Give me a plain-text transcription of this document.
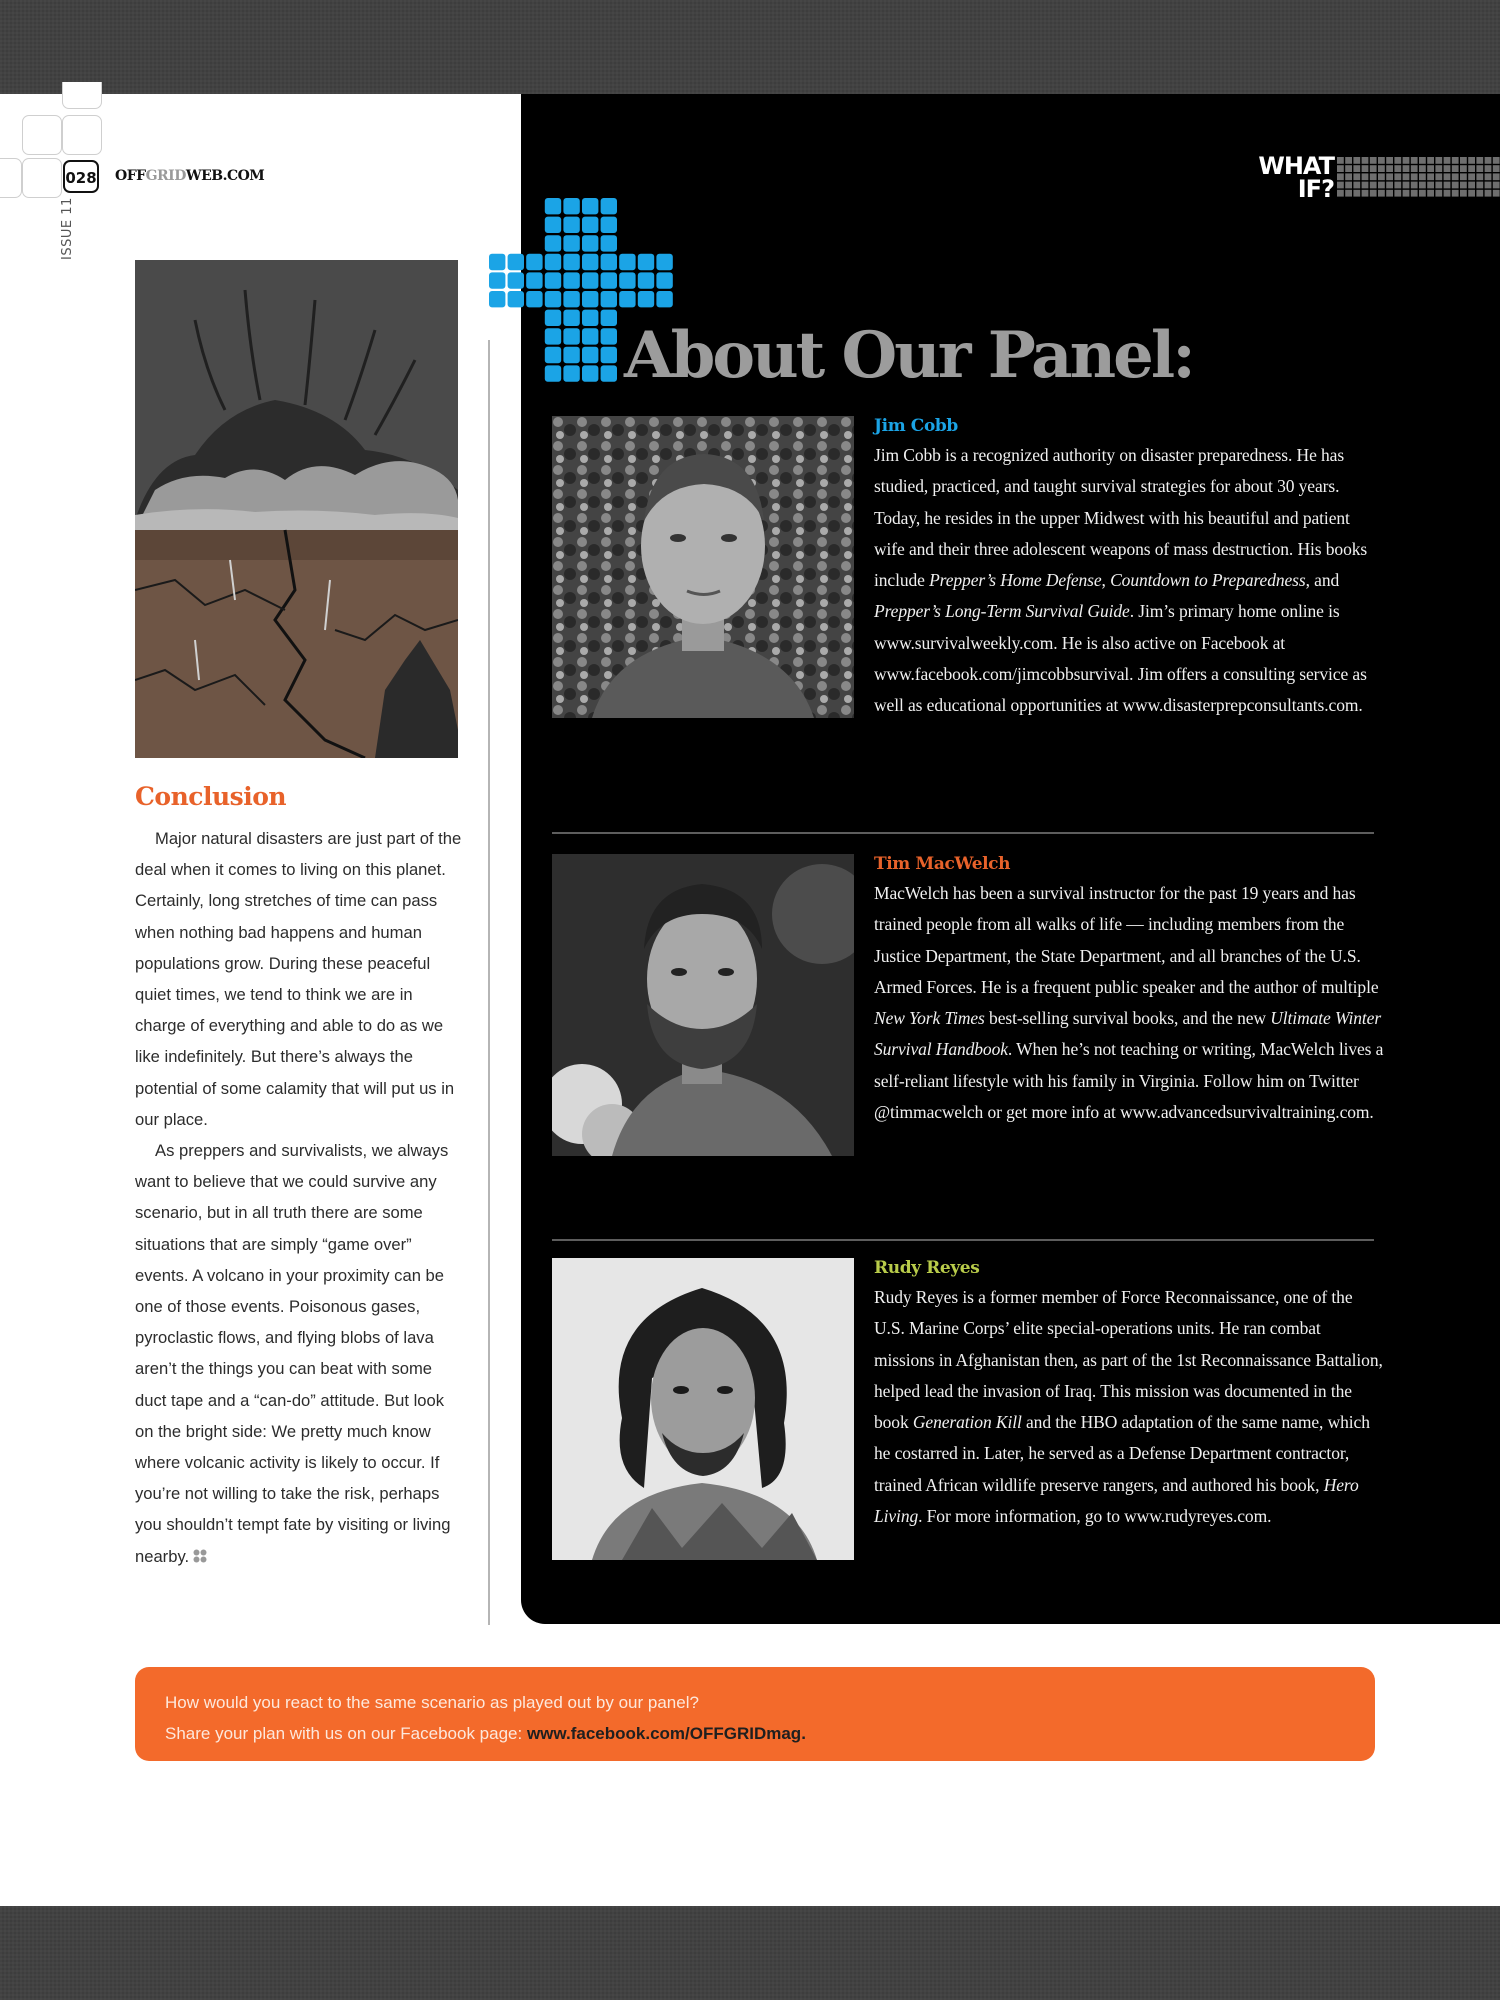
028 OFFGRIDWEB.COM
ISSUE 11
Conclusion

Major natural disasters are just part of the deal when it comes to living on this planet. Certainly, long stretches of time can pass when nothing bad happens and human populations grow. During these peaceful quiet times, we tend to think we are in charge of everything and able to do as we like indefinitely. But there’s always the potential of some calamity that will put us in our place.

As preppers and survivalists, we always want to believe that we could survive any scenario, but in all truth there are some situations that are simply “game over” events. A volcano in your proximity can be one of those events. Poisonous gases, pyroclastic flows, and flying blobs of lava aren’t the things you can beat with some duct tape and a “can-do” attitude. But look on the bright side: We pretty much know where volcanic activity is likely to occur. If you’re not willing to take the risk, perhaps you shouldn’t tempt fate by visiting or living nearby.

WHAT
IF?
About Our Panel:
Jim Cobb

Jim Cobb is a recognized authority on disaster preparedness. He has studied, practiced, and taught survival strategies for about 30 years. Today, he resides in the upper Midwest with his beautiful and patient wife and their three adolescent weapons of mass destruction. His books include Prepper’s Home Defense, Countdown to Preparedness, and Prepper’s Long-Term Survival Guide. Jim’s primary home online is www.survivalweekly.com. He is also active on Facebook at www.facebook.com/jimcobbsurvival. Jim offers a consulting service as well as educational opportunities at www.disasterprepconsultants.com.

Tim MacWelch

MacWelch has been a survival instructor for the past 19 years and has trained people from all walks of life — including members from the Justice Department, the State Department, and all branches of the U.S. Armed Forces. He is a frequent public speaker and the author of multiple New York Times best-selling survival books, and the new Ultimate Winter Survival Handbook. When he’s not teaching or writing, MacWelch lives a self-reliant lifestyle with his family in Virginia. Follow him on Twitter @timmacwelch or get more info at www.advancedsurvivaltraining.com.

Rudy Reyes

Rudy Reyes is a former member of Force Reconnaissance, one of the U.S. Marine Corps’ elite special-operations units. He ran combat missions in Afghanistan then, as part of the 1st Reconnaissance Battalion, helped lead the invasion of Iraq. This mission was documented in the book Generation Kill and the HBO adaptation of the same name, which he costarred in. Later, he served as a Defense Department contractor, trained African wildlife preserve rangers, and authored his book, Hero Living. For more information, go to www.rudyreyes.com.

How would you react to the same scenario as played out by our panel?
Share your plan with us on our Facebook page: www.facebook.com/OFFGRIDmag.
